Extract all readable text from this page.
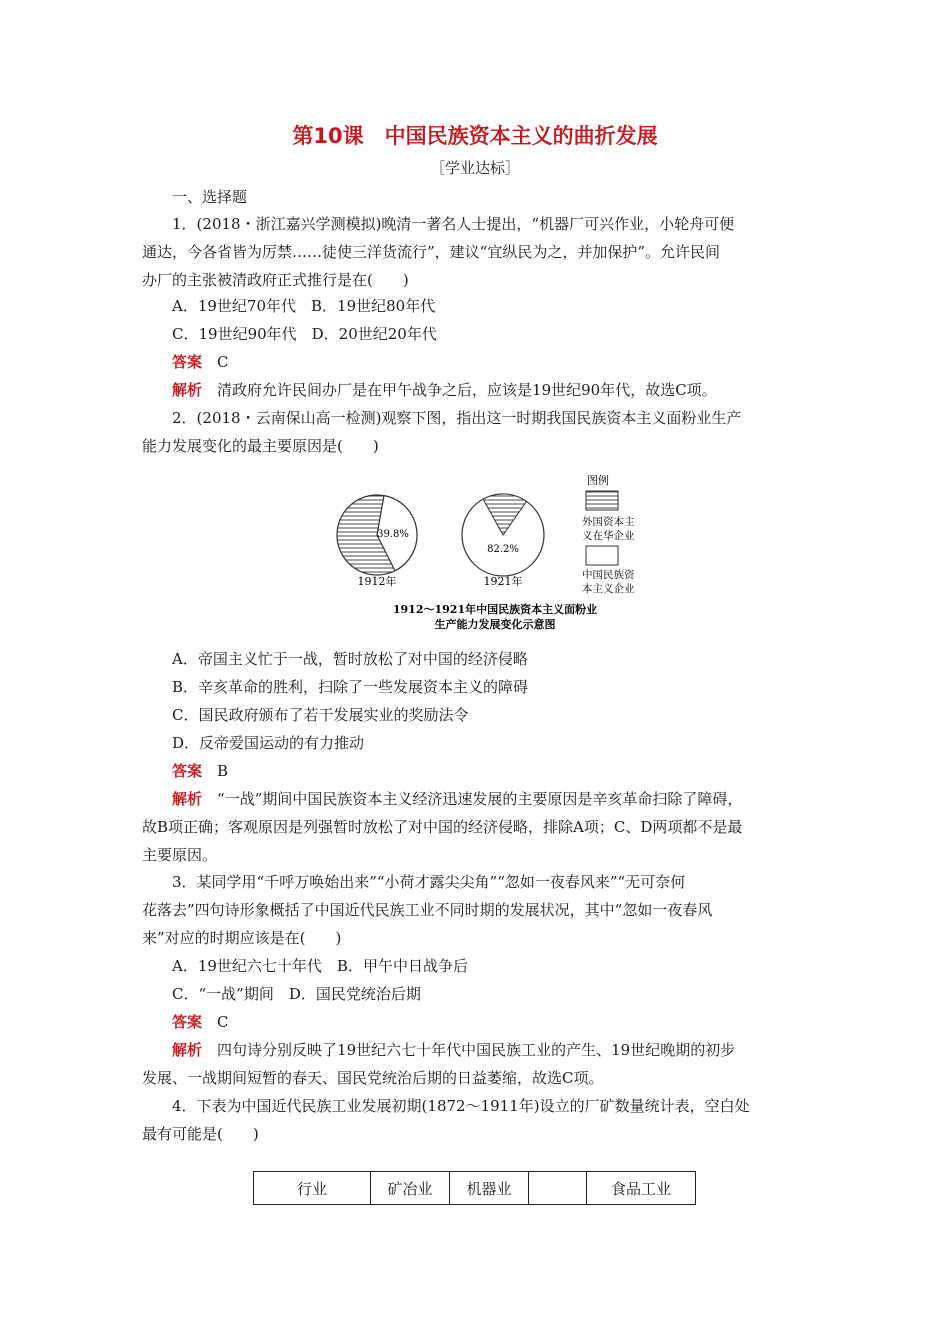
第10课　中国民族资本主义的曲折发展
［学业达标］
一、选择题
1．(2018・浙江嘉兴学测模拟)晚清一著名人士提出，“机器厂可兴作业，小轮舟可便
通达，今各省皆为厉禁……徒使三洋货流行”，建议“宜纵民为之，并加保护”。允许民间
办厂的主张被清政府正式推行是在(　　)
A．19世纪70年代　B．19世纪80年代
C．19世纪90年代　D．20世纪20年代
答案　 C
解析　 清政府允许民间办厂是在甲午战争之后，应该是19世纪90年代，故选C项。
2．(2018・云南保山高一检测)观察下图，指出这一时期我国民族资本主义面粉业生产
能力发展变化的最主要原因是(　　)
39.8%
1912年
82.2%
1921年
图例
外国资本主
义在华企业
中国民族资
本主义企业
1912～1921年中国民族资本主义面粉业
生产能力发展变化示意图
A．帝国主义忙于一战，暂时放松了对中国的经济侵略
B．辛亥革命的胜利，扫除了一些发展资本主义的障碍
C．国民政府颁布了若干发展实业的奖励法令
D．反帝爱国运动的有力推动
答案　 B
解析　 “一战”期间中国民族资本主义经济迅速发展的主要原因是辛亥革命扫除了障碍，
故B项正确；客观原因是列强暂时放松了对中国的经济侵略，排除A项；C、D两项都不是最
主要原因。
3．某同学用“千呼万唤始出来”“小荷才露尖尖角”“忽如一夜春风来”“无可奈何
花落去”四句诗形象概括了中国近代民族工业不同时期的发展状况，其中“忽如一夜春风
来”对应的时期应该是在(　　)
A．19世纪六七十年代　B．甲午中日战争后
C．“一战”期间　D．国民党统治后期
答案　 C
解析　 四句诗分别反映了19世纪六七十年代中国民族工业的产生、19世纪晚期的初步
发展、一战期间短暂的春天、国民党统治后期的日益萎缩，故选C项。
4．下表为中国近代民族工业发展初期(1872～1911年)设立的厂矿数量统计表，空白处
最有可能是(　　)
行业	矿冶业	机器业		食品工业
